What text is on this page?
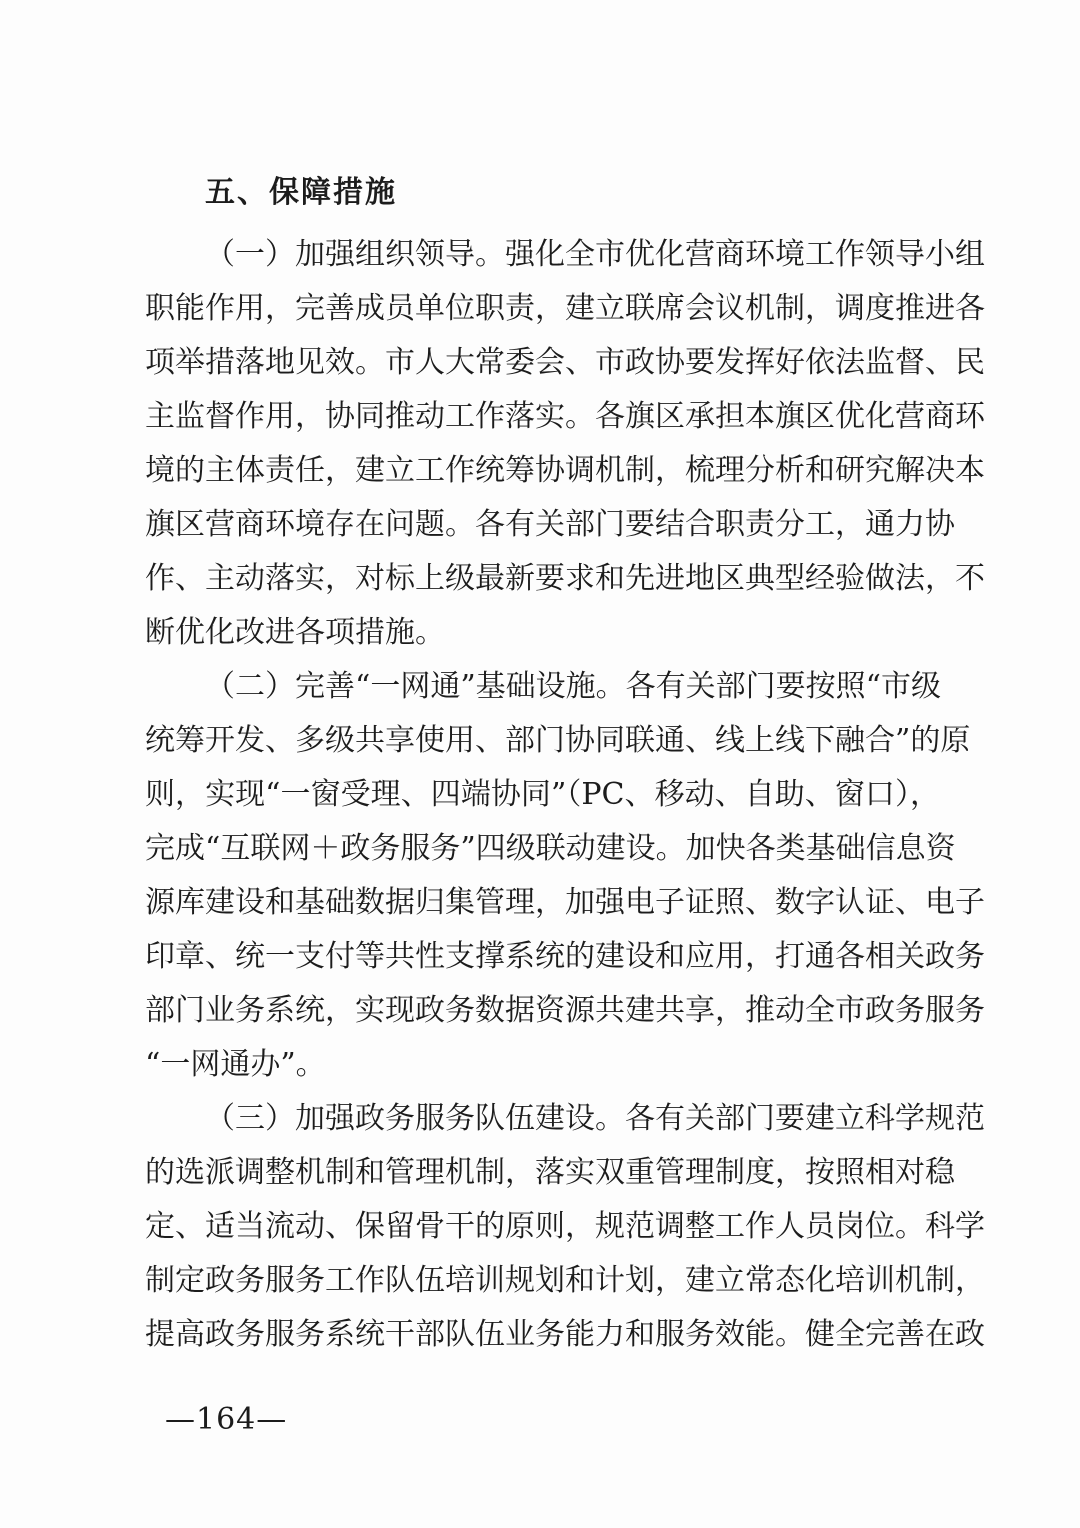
五、保障措施
（一）加强组织领导。强化全市优化营商环境工作领导小组
职能作用，完善成员单位职责，建立联席会议机制，调度推进各
项举措落地见效。市人大常委会、市政协要发挥好依法监督、民
主监督作用，协同推动工作落实。各旗区承担本旗区优化营商环
境的主体责任，建立工作统筹协调机制，梳理分析和研究解决本
旗区营商环境存在问题。各有关部门要结合职责分工，通力协
作、主动落实，对标上级最新要求和先进地区典型经验做法，不
断优化改进各项措施。
（二）完善“一网通”基础设施。各有关部门要按照“市级
统筹开发、多级共享使用、部门协同联通、线上线下融合”的原
则，实现“一窗受理、四端协同”（PC、移动、自助、窗口），
完成“互联网＋政务服务”四级联动建设。加快各类基础信息资
源库建设和基础数据归集管理，加强电子证照、数字认证、电子
印章、统一支付等共性支撑系统的建设和应用，打通各相关政务
部门业务系统，实现政务数据资源共建共享，推动全市政务服务
“一网通办”。
（三）加强政务服务队伍建设。各有关部门要建立科学规范
的选派调整机制和管理机制，落实双重管理制度，按照相对稳
定、适当流动、保留骨干的原则，规范调整工作人员岗位。科学
制定政务服务工作队伍培训规划和计划，建立常态化培训机制，
提高政务服务系统干部队伍业务能力和服务效能。健全完善在政
—164—
